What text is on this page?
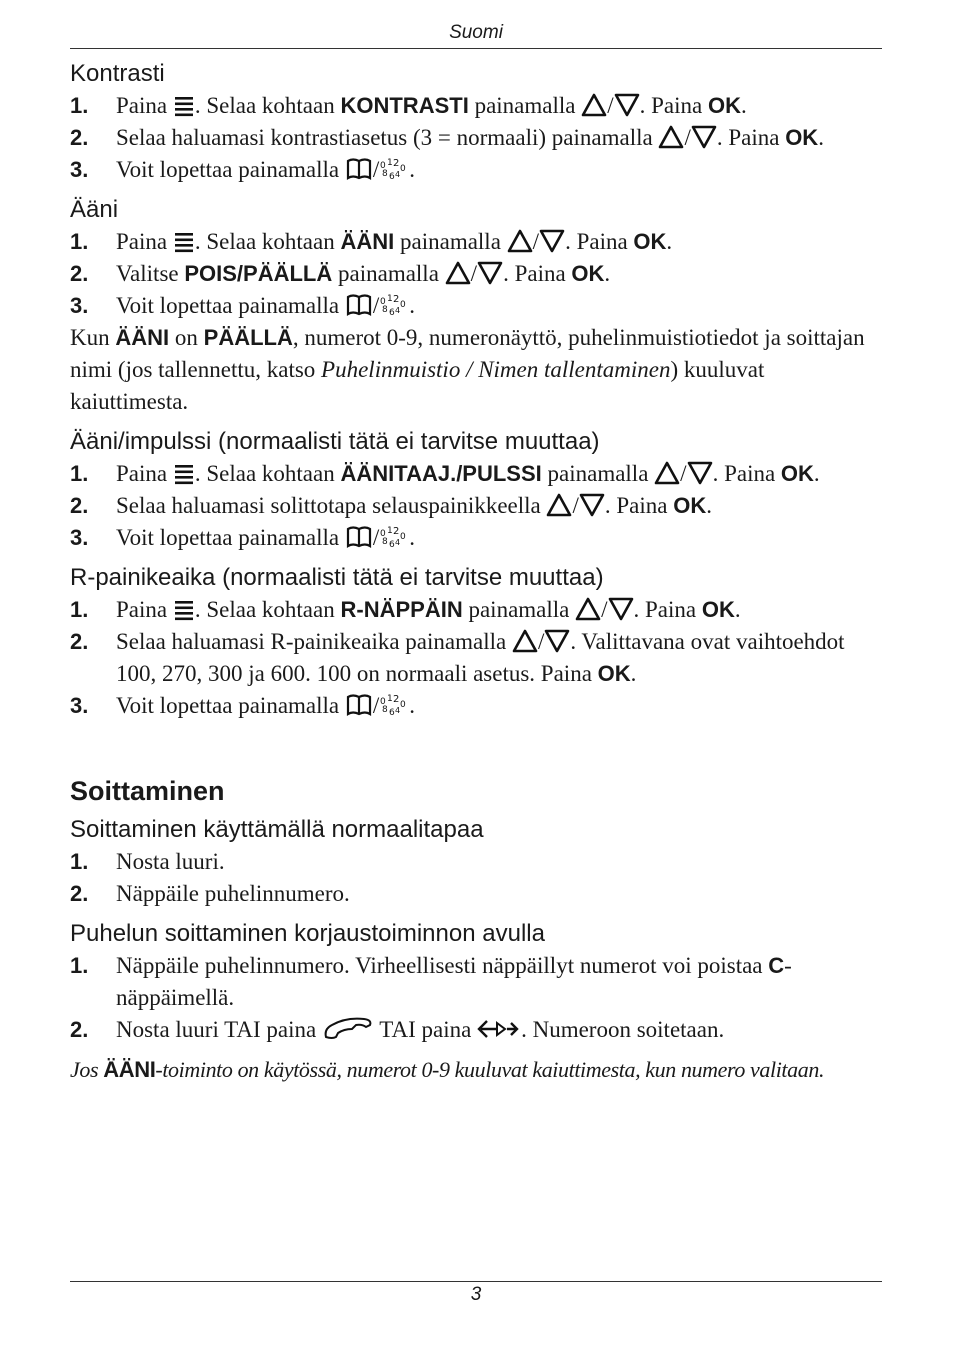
Suomi
Kontrasti
1.	Paina . Selaa kohtaan KONTRASTI painamalla / . Paina OK.
2.	Selaa haluamasi kontrastiasetus (3 = normaali) painamalla / . Paina OK.
3.	Voit lopettaa painamalla / .
Ääni
1.	Paina . Selaa kohtaan ÄÄNI painamalla / . Paina OK.
2.	Valitse POIS/PÄÄLLÄ painamalla / . Paina OK.
3.	Voit lopettaa painamalla / .
Kun ÄÄNI on PÄÄLLÄ, numerot 0-9, numeronäyttö, puhelinmuistiotiedot ja soittajan nimi (jos tallennettu, katso Puhelinmuistio / Nimen tallentaminen) kuuluvat kaiuttimesta.
Ääni/impulssi (normaalisti tätä ei tarvitse muuttaa)
1.	Paina . Selaa kohtaan ÄÄNITAAJ./PULSSI painamalla / . Paina OK.
2.	Selaa haluamasi solittotapa selauspainikkeella / . Paina OK.
3.	Voit lopettaa painamalla / .
R-painikeaika (normaalisti tätä ei tarvitse muuttaa)
1.	Paina . Selaa kohtaan R-NÄPPÄIN painamalla / . Paina OK.
2.	Selaa haluamasi R-painikeaika painamalla / . Valittavana ovat vaihtoehdot 100, 270, 300 ja 600. 100 on normaali asetus. Paina OK.
3.	Voit lopettaa painamalla / .
Soittaminen
Soittaminen käyttämällä normaalitapaa
1.	Nosta luuri.
2.	Näppäile puhelinnumero.
Puhelun soittaminen korjaustoiminnon avulla
1.	Näppäile puhelinnumero. Virheellisesti näppäillyt numerot voi poistaa C-näppäimellä.
2.	Nosta luuri TAI paina  TAI paina . Numeroon soitetaan.
Jos ÄÄNI-toiminto on käytössä, numerot 0-9 kuuluvat kaiuttimesta, kun numero valitaan.
3
